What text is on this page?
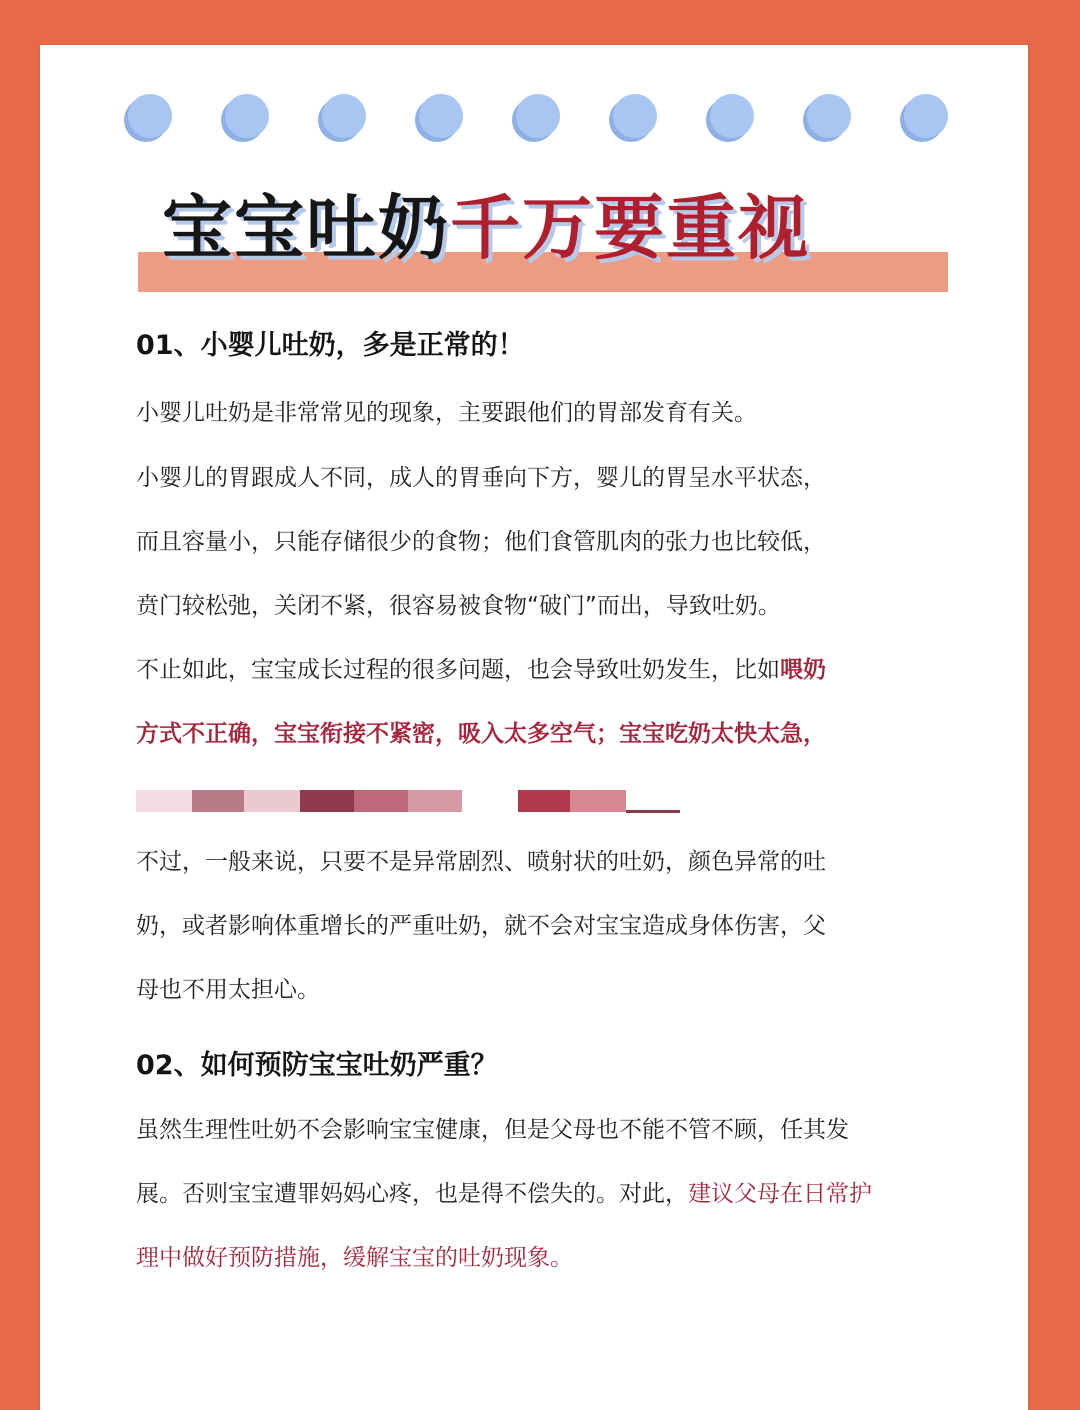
宝宝吐奶千万要重视
01、小婴儿吐奶，多是正常的！

小婴儿吐奶是非常常见的现象，主要跟他们的胃部发育有关。

小婴儿的胃跟成人不同，成人的胃垂向下方，婴儿的胃呈水平状态，

而且容量小，只能存储很少的食物；他们食管肌肉的张力也比较低，

贲门较松弛，关闭不紧，很容易被食物“破门”而出，导致吐奶。

不止如此，宝宝成长过程的很多问题，也会导致吐奶发生，比如喂奶

方式不正确，宝宝衔接不紧密，吸入太多空气；宝宝吃奶太快太急，

不过，一般来说，只要不是异常剧烈、喷射状的吐奶，颜色异常的吐

奶，或者影响体重增长的严重吐奶，就不会对宝宝造成身体伤害，父

母也不用太担心。

02、如何预防宝宝吐奶严重？

虽然生理性吐奶不会影响宝宝健康，但是父母也不能不管不顾，任其发

展。否则宝宝遭罪妈妈心疼，也是得不偿失的。对此，建议父母在日常护

理中做好预防措施，缓解宝宝的吐奶现象。
